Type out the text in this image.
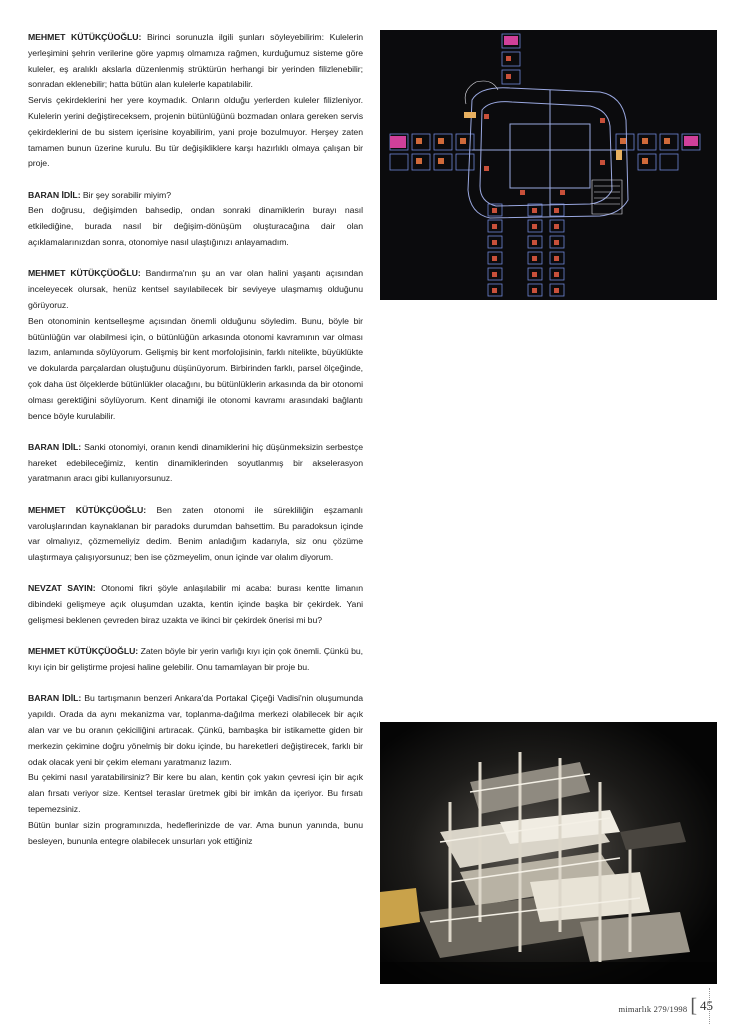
MEHMET KÜTÜKÇÜOĞLU: Birinci sorunuzla ilgili şunları söyleyebilirim: Kulelerin yerleşimini şehrin verilerine göre yapmış olmamıza rağmen, kurduğumuz sisteme göre kuleler, eş aralıklı akslarla düzenlenmiş strüktürün herhangi bir yerinden filizlenebilir; sonradan eklenebilir; hatta bütün alan kulelerle kapatılabilir.

Servis çekirdeklerini her yere koymadık. Onların olduğu yerlerden kuleler filizleniyor. Kulelerin yerini değiştireceksem, projenin bütünlüğünü bozmadan onlara gereken servis çekirdeklerini de bu sistem içerisine koyabilirim, yani proje bozulmuyor. Herşey zaten tamamen bunun üzerine kurulu. Bu tür değişikliklere karşı hazırlıklı olmaya çalışan bir proje.

BARAN İDİL: Bir şey sorabilir miyim?

Ben doğrusu, değişimden bahsedip, ondan sonraki dinamiklerin burayı nasıl etkilediğine, burada nasıl bir değişim-dönüşüm oluşturacağına dair olan açıklamalarınızdan sonra, otonomiye nasıl ulaştığınızı anlayamadım.

MEHMET KÜTÜKÇÜOĞLU: Bandırma'nın şu an var olan halini yaşantı açısından inceleyecek olursak, henüz kentsel sayılabilecek bir seviyeye ulaşmamış olduğunu görüyoruz.

Ben otonominin kentselleşme açısından önemli olduğunu söyledim. Bunu, böyle bir bütünlüğün var olabilmesi için, o bütünlüğün arkasında otonomi kavramının var olması lazım, anlamında söylüyorum. Gelişmiş bir kent morfolojisinin, farklı nitelikte, büyüklükte ve dokularda parçalardan oluştuğunu düşünüyorum. Birbirinden farklı, parsel ölçeğinde, çok daha üst ölçeklerde bütünlükler olacağını, bu bütünlüklerin arkasında da bir otonomi olması gerektiğini söylüyorum. Kent dinamiği ile otonomi kavramı arasındaki bağlantı bence böyle kurulabilir.

BARAN İDİL: Sanki otonomiyi, oranın kendi dinamiklerini hiç düşünmeksizin serbestçe hareket edebileceğimiz, kentin dinamiklerinden soyutlanmış bir akselerasyon yaratmanın aracı gibi kullanıyorsunuz.

MEHMET KÜTÜKÇÜOĞLU: Ben zaten otonomi ile sürekliliğin eşzamanlı varoluşlarından kaynaklanan bir paradoks durumdan bahsettim. Bu paradoksun içinde var olmalıyız, çözmemeliyiz dedim. Benim anladığım kadarıyla, siz onu çözüme ulaştırmaya çalışıyorsunuz; ben ise çözmeyelim, onun içinde var olalım diyorum.

NEVZAT SAYIN: Otonomi fikri şöyle anlaşılabilir mi acaba: burası kentte limanın dibindeki gelişmeye açık oluşumdan uzakta, kentin içinde başka bir çekirdek. Yani gelişmesi beklenen çevreden biraz uzakta ve ikinci bir çekirdek önerisi mi bu?

MEHMET KÜTÜKÇÜOĞLU: Zaten böyle bir yerin varlığı kıyı için çok önemli. Çünkü bu, kıyı için bir geliştirme projesi haline gelebilir. Onu tamamlayan bir proje bu.

BARAN İDİL: Bu tartışmanın benzeri Ankara'da Portakal Çiçeği Vadisi'nin oluşumunda yapıldı. Orada da aynı mekanizma var, toplanma-dağılma merkezi olabilecek bir açık alan var ve bu oranın çekiciliğini artıracak. Çünkü, bambaşka bir istikamette giden bir merkezin çekimine doğru yönelmiş bir doku içinde, bu hareketleri değiştirecek, farklı bir odak olacak yeni bir çekim elemanı yaratmanız lazım.

Bu çekimi nasıl yaratabilirsiniz? Bir kere bu alan, kentin çok yakın çevresi için bir açık alan fırsatı veriyor size. Kentsel teraslar üretmek gibi bir imkân da içeriyor. Bu fırsatı tepemezsiniz.

Bütün bunlar sizin programınızda, hedeflerinizde de var. Ama bunun yanında, bunu besleyen, bununla entegre olabilecek unsurları yok ettiğiniz

mimarlık 279/1998 [ 45
